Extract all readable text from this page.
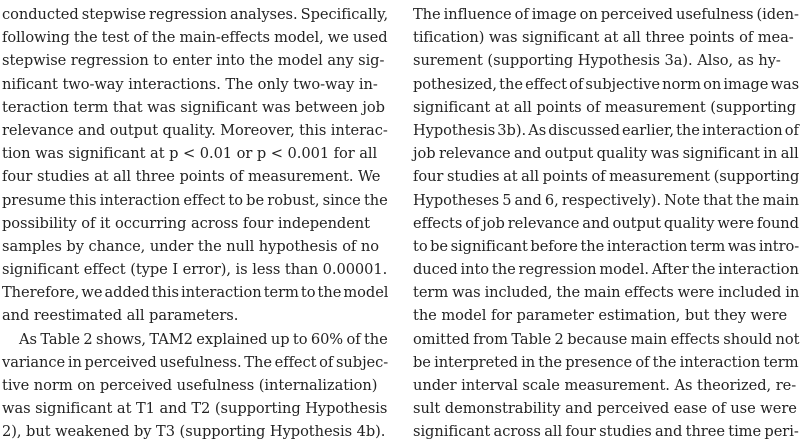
conducted stepwise regression analyses. Specifically,
following the test of the main-effects model, we used
stepwise regression to enter into the model any sig-
nificant two-way interactions. The only two-way in-
teraction term that was significant was between job
relevance and output quality. Moreover, this interac-
tion was significant at p < 0.01 or p < 0.001 for all
four studies at all three points of measurement. We
presume this interaction effect to be robust, since the
possibility of it occurring across four independent
samples by chance, under the null hypothesis of no
significant effect (type I error), is less than 0.00001.
Therefore, we added this interaction term to the model
and reestimated all parameters.
As Table 2 shows, TAM2 explained up to 60% of the
variance in perceived usefulness. The effect of subjec-
tive norm on perceived usefulness (internalization)
was significant at T1 and T2 (supporting Hypothesis
2), but weakened by T3 (supporting Hypothesis 4b).
The influence of image on perceived usefulness (iden-
tification) was significant at all three points of mea-
surement (supporting Hypothesis 3a). Also, as hy-
pothesized, the effect of subjective norm on image was
significant at all points of measurement (supporting
Hypothesis 3b). As discussed earlier, the interaction of
job relevance and output quality was significant in all
four studies at all points of measurement (supporting
Hypotheses 5 and 6, respectively). Note that the main
effects of job relevance and output quality were found
to be significant before the interaction term was intro-
duced into the regression model. After the interaction
term was included, the main effects were included in
the model for parameter estimation, but they were
omitted from Table 2 because main effects should not
be interpreted in the presence of the interaction term
under interval scale measurement. As theorized, re-
sult demonstrability and perceived ease of use were
significant across all four studies and three time peri-
